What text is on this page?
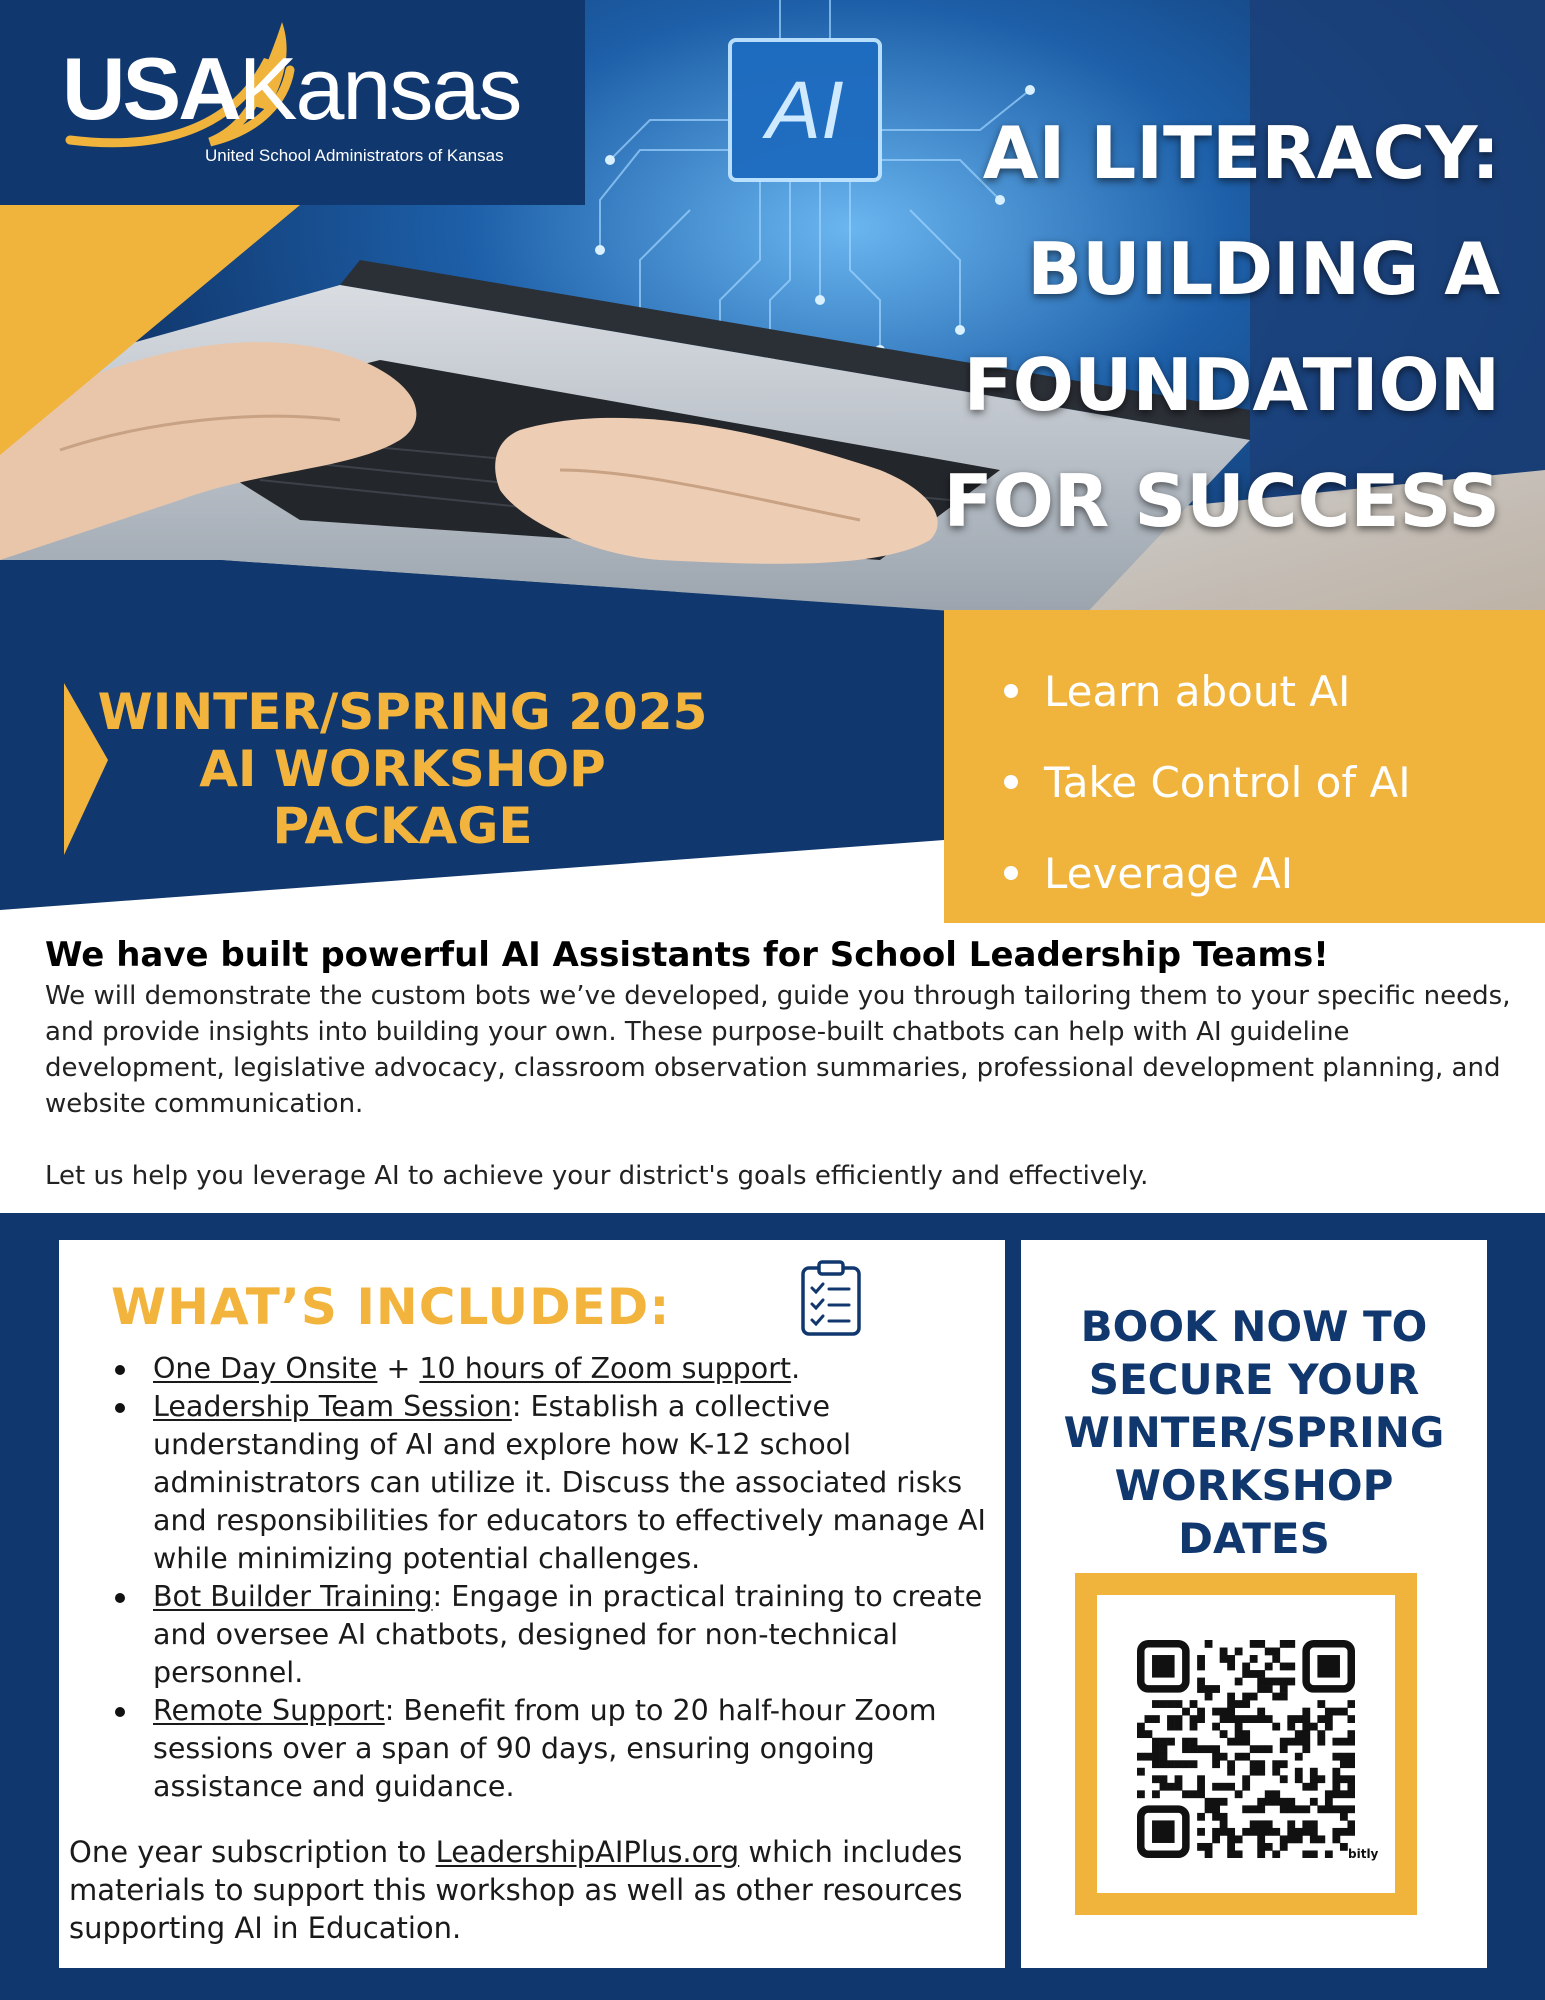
AI
USAKansas
United School Administrators of Kansas	AI LITERACY:
BUILDING A
FOUNDATION
FOR SUCCESS
WINTER/SPRING 2025
AI WORKSHOP
PACKAGE
Learn about AI
Take Control of AI
Leverage AI
We have built powerful AI Assistants for School Leadership Teams!

We will demonstrate the custom bots we’ve developed, guide you through tailoring them to your specific needs, and provide insights into building your own. These purpose-built chatbots can help with AI guideline development, legislative advocacy, classroom observation summaries, professional development planning, and website communication.

Let us help you leverage AI to achieve your district's goals efficiently and effectively.

WHAT’S INCLUDED:
One Day Onsite + 10 hours of Zoom support.
Leadership Team Session: Establish a collective understanding of AI and explore how K-12 school administrators can utilize it. Discuss the associated risks and responsibilities for educators to effectively manage AI while minimizing potential challenges.
Bot Builder Training: Engage in practical training to create and oversee AI chatbots, designed for non-technical personnel.
Remote Support: Benefit from up to 20 half-hour Zoom sessions over a span of 90 days, ensuring ongoing assistance and guidance.
One year subscription to LeadershipAIPlus.org which includes materials to support this workshop as well as other resources supporting AI in Education.
BOOK NOW TO
SECURE YOUR
WINTER/SPRING
WORKSHOP
DATES
bitly
